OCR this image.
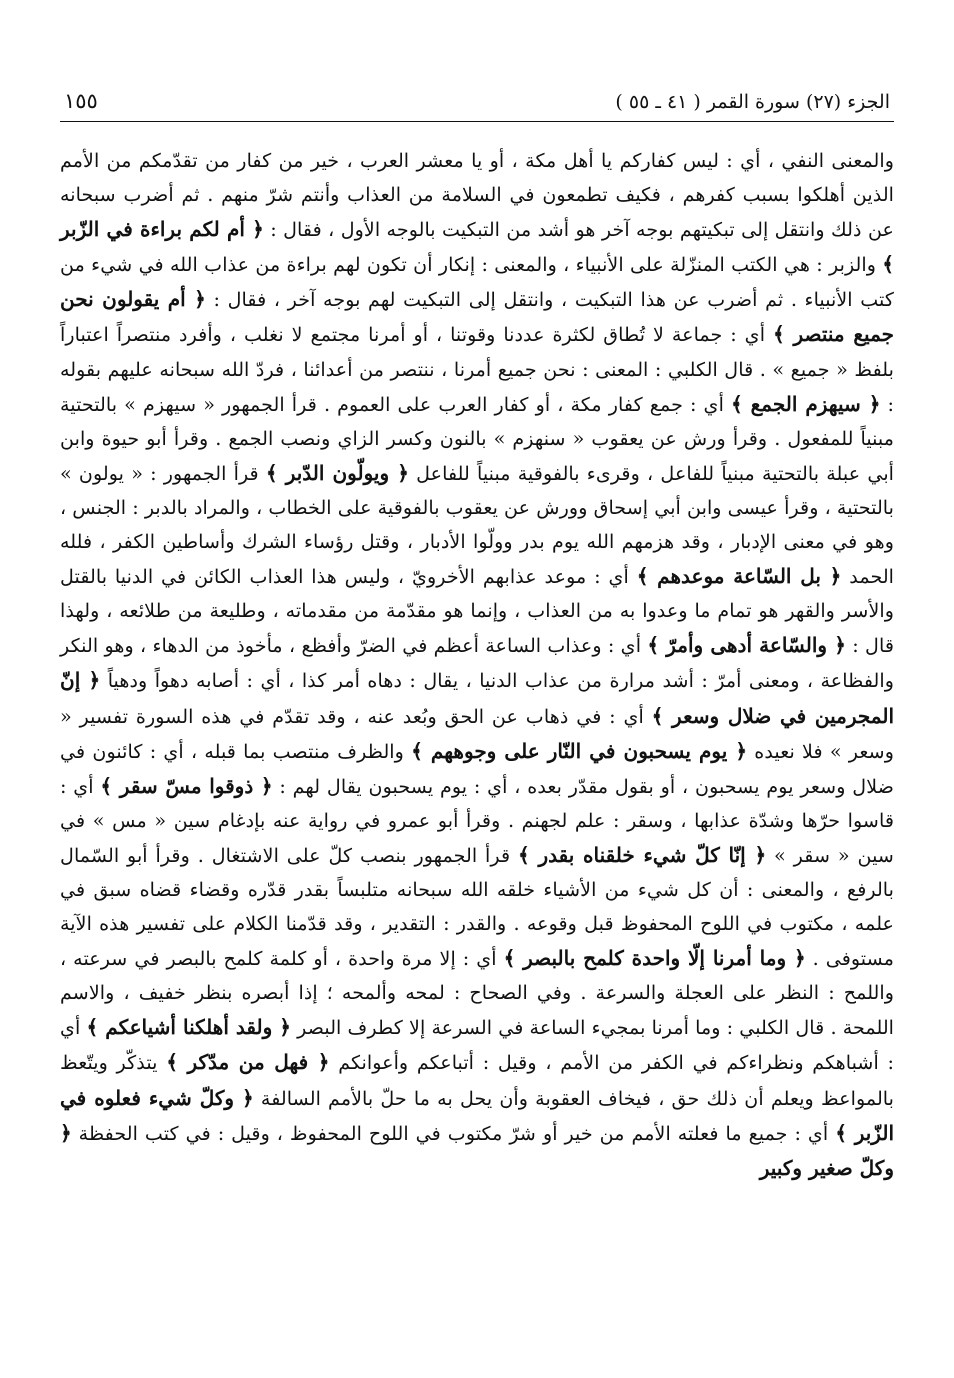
الجزء (٢٧) سورة القمر ( ٤١ ـ ٥٥ )
١٥٥

والمعنى النفي ، أي : ليس كفاركم يا أهل مكة ، أو يا معشر العرب ، خير من كفار من تقدّمكم من الأمم الذين أهلكوا بسبب كفرهم ، فكيف تطمعون في السلامة من العذاب وأنتم شرّ منهم . ثم أضرب سبحانه عن ذلك وانتقل إلى تبكيتهم بوجه آخر هو أشد من التبكيت بالوجه الأول ، فقال : ﴿ أم لكم براءة في الزّبر ﴾ والزبر : هي الكتب المنزّلة على الأنبياء ، والمعنى : إنكار أن تكون لهم براءة من عذاب الله في شيء من كتب الأنبياء . ثم أضرب عن هذا التبكيت ، وانتقل إلى التبكيت لهم بوجه آخر ، فقال : ﴿ أم يقولون نحن جميع منتصر ﴾ أي : جماعة لا تُطاق لكثرة عددنا وقوتنا ، أو أمرنا مجتمع لا نغلب ، وأفرد منتصراً اعتباراً بلفظ « جميع » . قال الكلبي : المعنى : نحن جميع أمرنا ، ننتصر من أعدائنا ، فردّ الله سبحانه عليهم بقوله : ﴿ سيهزم الجمع ﴾ أي : جمع كفار مكة ، أو كفار العرب على العموم . قرأ الجمهور « سيهزم » بالتحتية مبنياً للمفعول . وقرأ ورش عن يعقوب « سنهزم » بالنون وكسر الزاي ونصب الجمع . وقرأ أبو حيوة وابن أبي عبلة بالتحتية مبنياً للفاعل ، وقرىء بالفوقية مبنياً للفاعل ﴿ ويولّون الدّبر ﴾ قرأ الجمهور : « يولون » بالتحتية ، وقرأ عيسى وابن أبي إسحاق وورش عن يعقوب بالفوقية على الخطاب ، والمراد بالدبر : الجنس ، وهو في معنى الإدبار ، وقد هزمهم الله يوم بدر وولّوا الأدبار ، وقتل رؤساء الشرك وأساطين الكفر ، فلله الحمد ﴿ بل السّاعة موعدهم ﴾ أي : موعد عذابهم الأخرويّ ، وليس هذا العذاب الكائن في الدنيا بالقتل والأسر والقهر هو تمام ما وعدوا به من العذاب ، وإنما هو مقدّمة من مقدماته ، وطليعة من طلائعه ، ولهذا قال : ﴿ والسّاعة أدهى وأمرّ ﴾ أي : وعذاب الساعة أعظم في الضرّ وأفظع ، مأخوذ من الدهاء ، وهو النكر والفظاعة ، ومعنى أمرّ : أشد مرارة من عذاب الدنيا ، يقال : دهاه أمر كذا ، أي : أصابه دهواً ودهياً ﴿ إنّ المجرمين في ضلال وسعر ﴾ أي : في ذهاب عن الحق وبُعد عنه ، وقد تقدّم في هذه السورة تفسير « وسعر » فلا نعيده ﴿ يوم يسحبون في النّار على وجوههم ﴾ والظرف منتصب بما قبله ، أي : كائنون في ضلال وسعر يوم يسحبون ، أو بقول مقدّر بعده ، أي : يوم يسحبون يقال لهم : ﴿ ذوقوا مسّ سقر ﴾ أي : قاسوا حرّها وشدّة عذابها ، وسقر : علم لجهنم . وقرأ أبو عمرو في رواية عنه بإدغام سين « مس » في سين « سقر » ﴿ إنّا كلّ شيء خلقناه بقدر ﴾ قرأ الجمهور بنصب كلّ على الاشتغال . وقرأ أبو السّمال بالرفع ، والمعنى : أن كل شيء من الأشياء خلقه الله سبحانه متلبساً بقدر قدّره وقضاء قضاه سبق في علمه ، مكتوب في اللوح المحفوظ قبل وقوعه . والقدر : التقدير ، وقد قدّمنا الكلام على تفسير هذه الآية مستوفى . ﴿ وما أمرنا إلّا واحدة كلمح بالبصر ﴾ أي : إلا مرة واحدة ، أو كلمة كلمح بالبصر في سرعته ، واللمح : النظر على العجلة والسرعة . وفي الصحاح : لمحه وألمحه ؛ إذا أبصره بنظر خفيف ، والاسم اللمحة . قال الكلبي : وما أمرنا بمجيء الساعة في السرعة إلا كطرف البصر ﴿ ولقد أهلكنا أشياعكم ﴾ أي : أشباهكم ونظراءكم في الكفر من الأمم ، وقيل : أتباعكم وأعوانكم ﴿ فهل من مدّكر ﴾ يتذكّر ويتّعظ بالمواعظ ويعلم أن ذلك حق ، فيخاف العقوبة وأن يحل به ما حلّ بالأمم السالفة ﴿ وكلّ شيء فعلوه في الزّبر ﴾ أي : جميع ما فعلته الأمم من خير أو شرّ مكتوب في اللوح المحفوظ ، وقيل : في كتب الحفظة ﴿ وكلّ صغير وكبير
